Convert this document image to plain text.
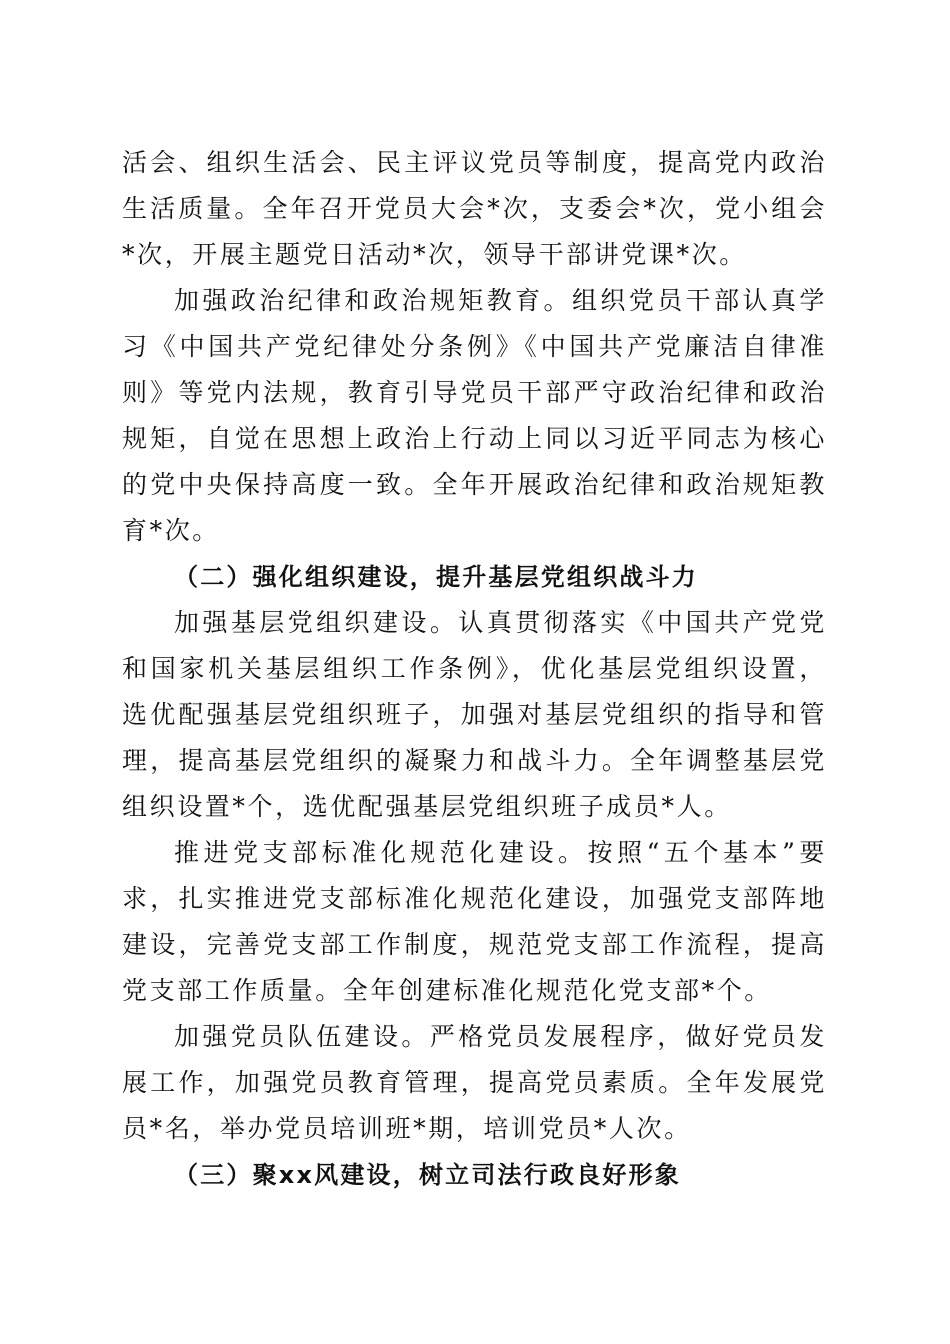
活会、组织生活会、民主评议党员等制度，提高党内政治生活质量。全年召开党员大会*次，支委会*次，党小组会*次，开展主题党日活动*次，领导干部讲党课*次。

加强政治纪律和政治规矩教育。组织党员干部认真学习《中国共产党纪律处分条例》《中国共产党廉洁自律准则》等党内法规，教育引导党员干部严守政治纪律和政治规矩，自觉在思想上政治上行动上同以习近平同志为核心的党中央保持高度一致。全年开展政治纪律和政治规矩教育*次。

（二）强化组织建设，提升基层党组织战斗力

加强基层党组织建设。认真贯彻落实《中国共产党党和国家机关基层组织工作条例》，优化基层党组织设置，选优配强基层党组织班子，加强对基层党组织的指导和管理，提高基层党组织的凝聚力和战斗力。全年调整基层党组织设置*个，选优配强基层党组织班子成员*人。

推进党支部标准化规范化建设。按照“五个基本”要求，扎实推进党支部标准化规范化建设，加强党支部阵地建设，完善党支部工作制度，规范党支部工作流程，提高党支部工作质量。全年创建标准化规范化党支部*个。

加强党员队伍建设。严格党员发展程序，做好党员发展工作，加强党员教育管理，提高党员素质。全年发展党员*名，举办党员培训班*期，培训党员*人次。

（三）聚xx风建设，树立司法行政良好形象
